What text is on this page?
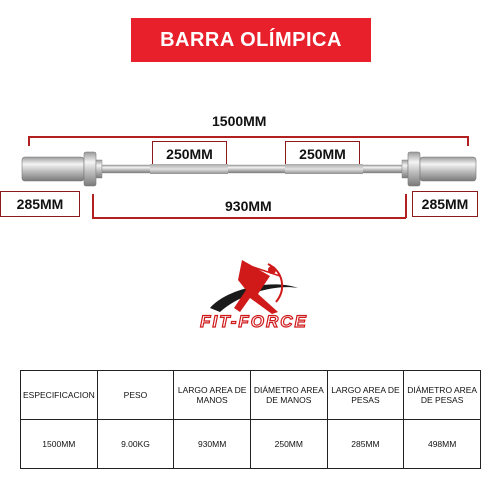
BARRA OLÍMPICA
1500MM
250MM	250MM
285MM	285MM
930MM
FIT-FORCE
ESPECIFICACION	PESO	LARGO AREA DE MANOS	DIÁMETRO AREA DE MANOS	LARGO AREA DE PESAS	DIÁMETRO AREA DE PESAS
1500MM	9.00KG	930MM	250MM	285MM	498MM
